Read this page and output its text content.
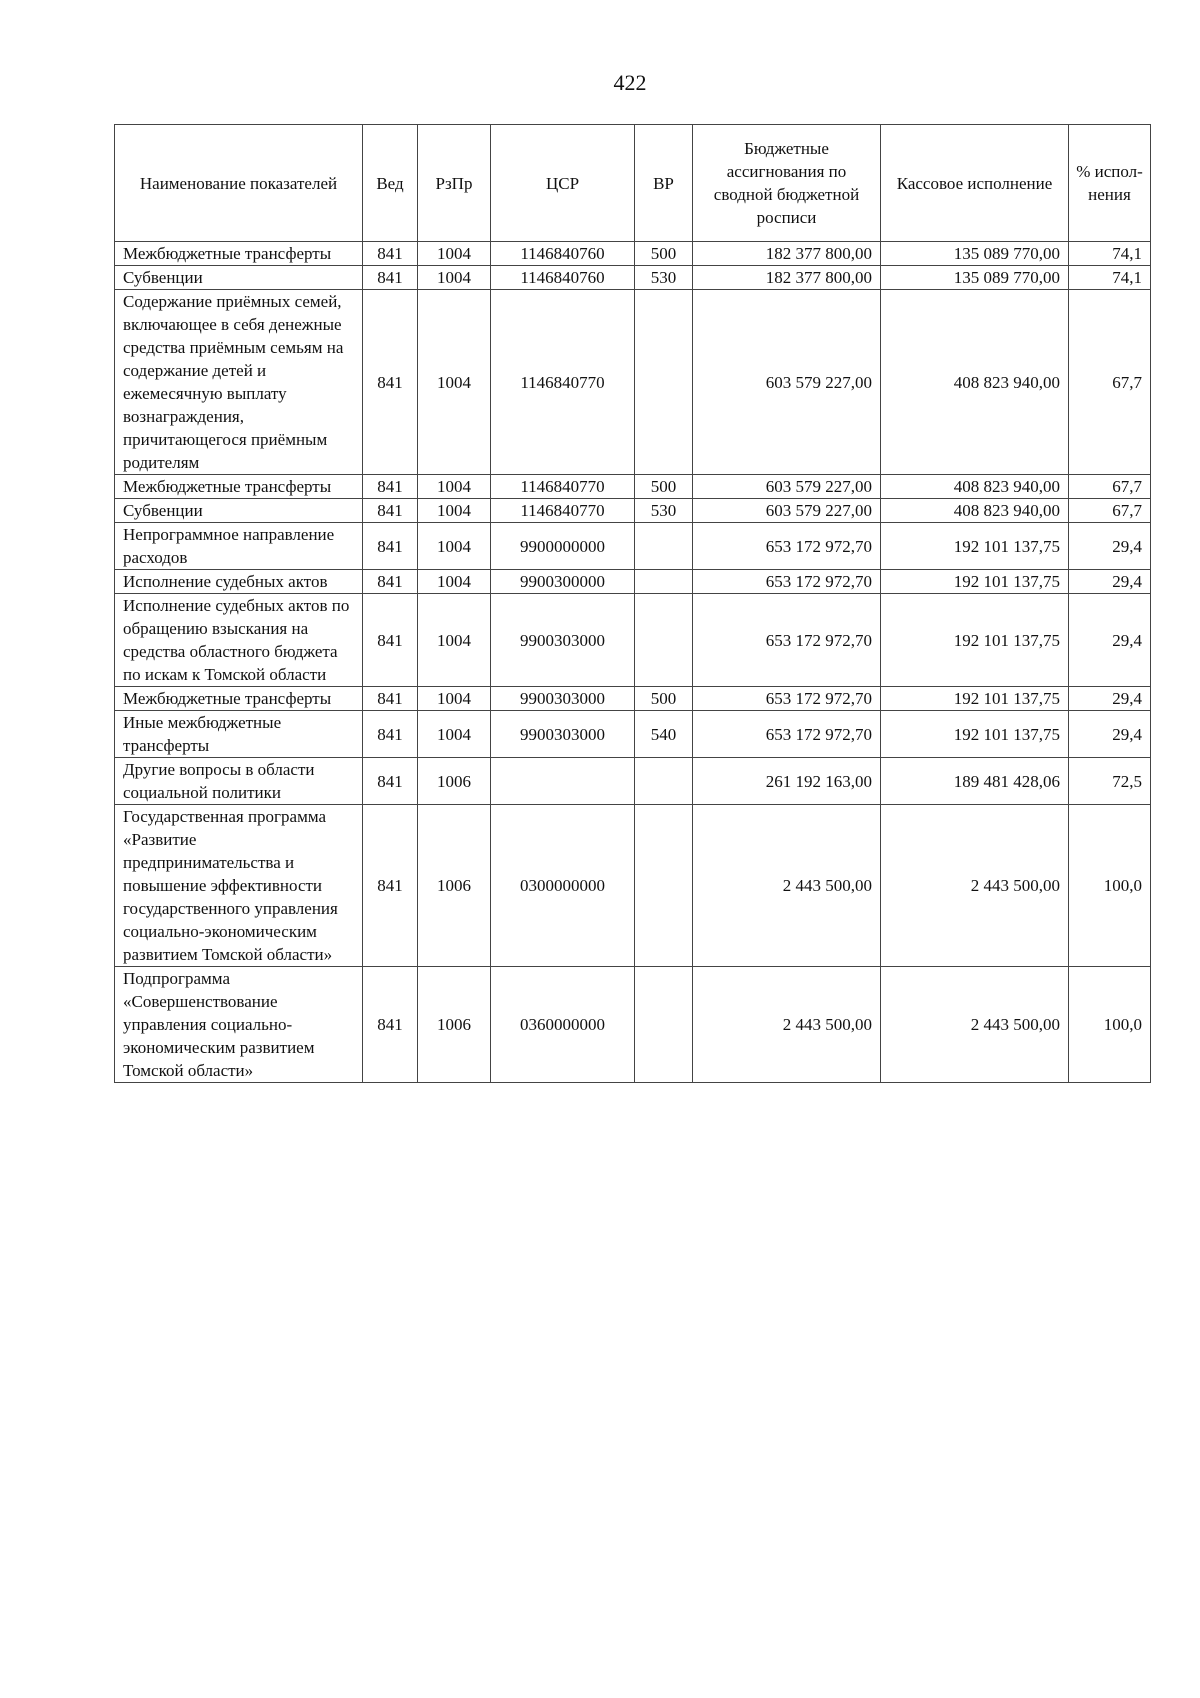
422
Наименование показателей	Вед	РзПр	ЦСР	ВР	Бюджетные ассигнования по сводной бюджетной росписи	Кассовое исполнение	% испол- нения
Межбюджетные трансферты	841	1004	1146840760	500	182 377 800,00	135 089 770,00	74,1
Субвенции	841	1004	1146840760	530	182 377 800,00	135 089 770,00	74,1
Содержание приёмных семей, включающее в себя денежные средства приёмным семьям на содержание детей и ежемесячную выплату вознаграждения, причитающегося приёмным родителям	841	1004	1146840770		603 579 227,00	408 823 940,00	67,7
Межбюджетные трансферты	841	1004	1146840770	500	603 579 227,00	408 823 940,00	67,7
Субвенции	841	1004	1146840770	530	603 579 227,00	408 823 940,00	67,7
Непрограммное направление расходов	841	1004	9900000000		653 172 972,70	192 101 137,75	29,4
Исполнение судебных актов	841	1004	9900300000		653 172 972,70	192 101 137,75	29,4
Исполнение судебных актов по обращению взыскания на средства областного бюджета по искам к Томской области	841	1004	9900303000		653 172 972,70	192 101 137,75	29,4
Межбюджетные трансферты	841	1004	9900303000	500	653 172 972,70	192 101 137,75	29,4
Иные межбюджетные трансферты	841	1004	9900303000	540	653 172 972,70	192 101 137,75	29,4
Другие вопросы в области социальной политики	841	1006			261 192 163,00	189 481 428,06	72,5
Государственная программа «Развитие предпринимательства и повышение эффективности государственного управления социально-экономическим развитием Томской области»	841	1006	0300000000		2 443 500,00	2 443 500,00	100,0
Подпрограмма «Совершенствование управления социально-экономическим развитием Томской области»	841	1006	0360000000		2 443 500,00	2 443 500,00	100,0
